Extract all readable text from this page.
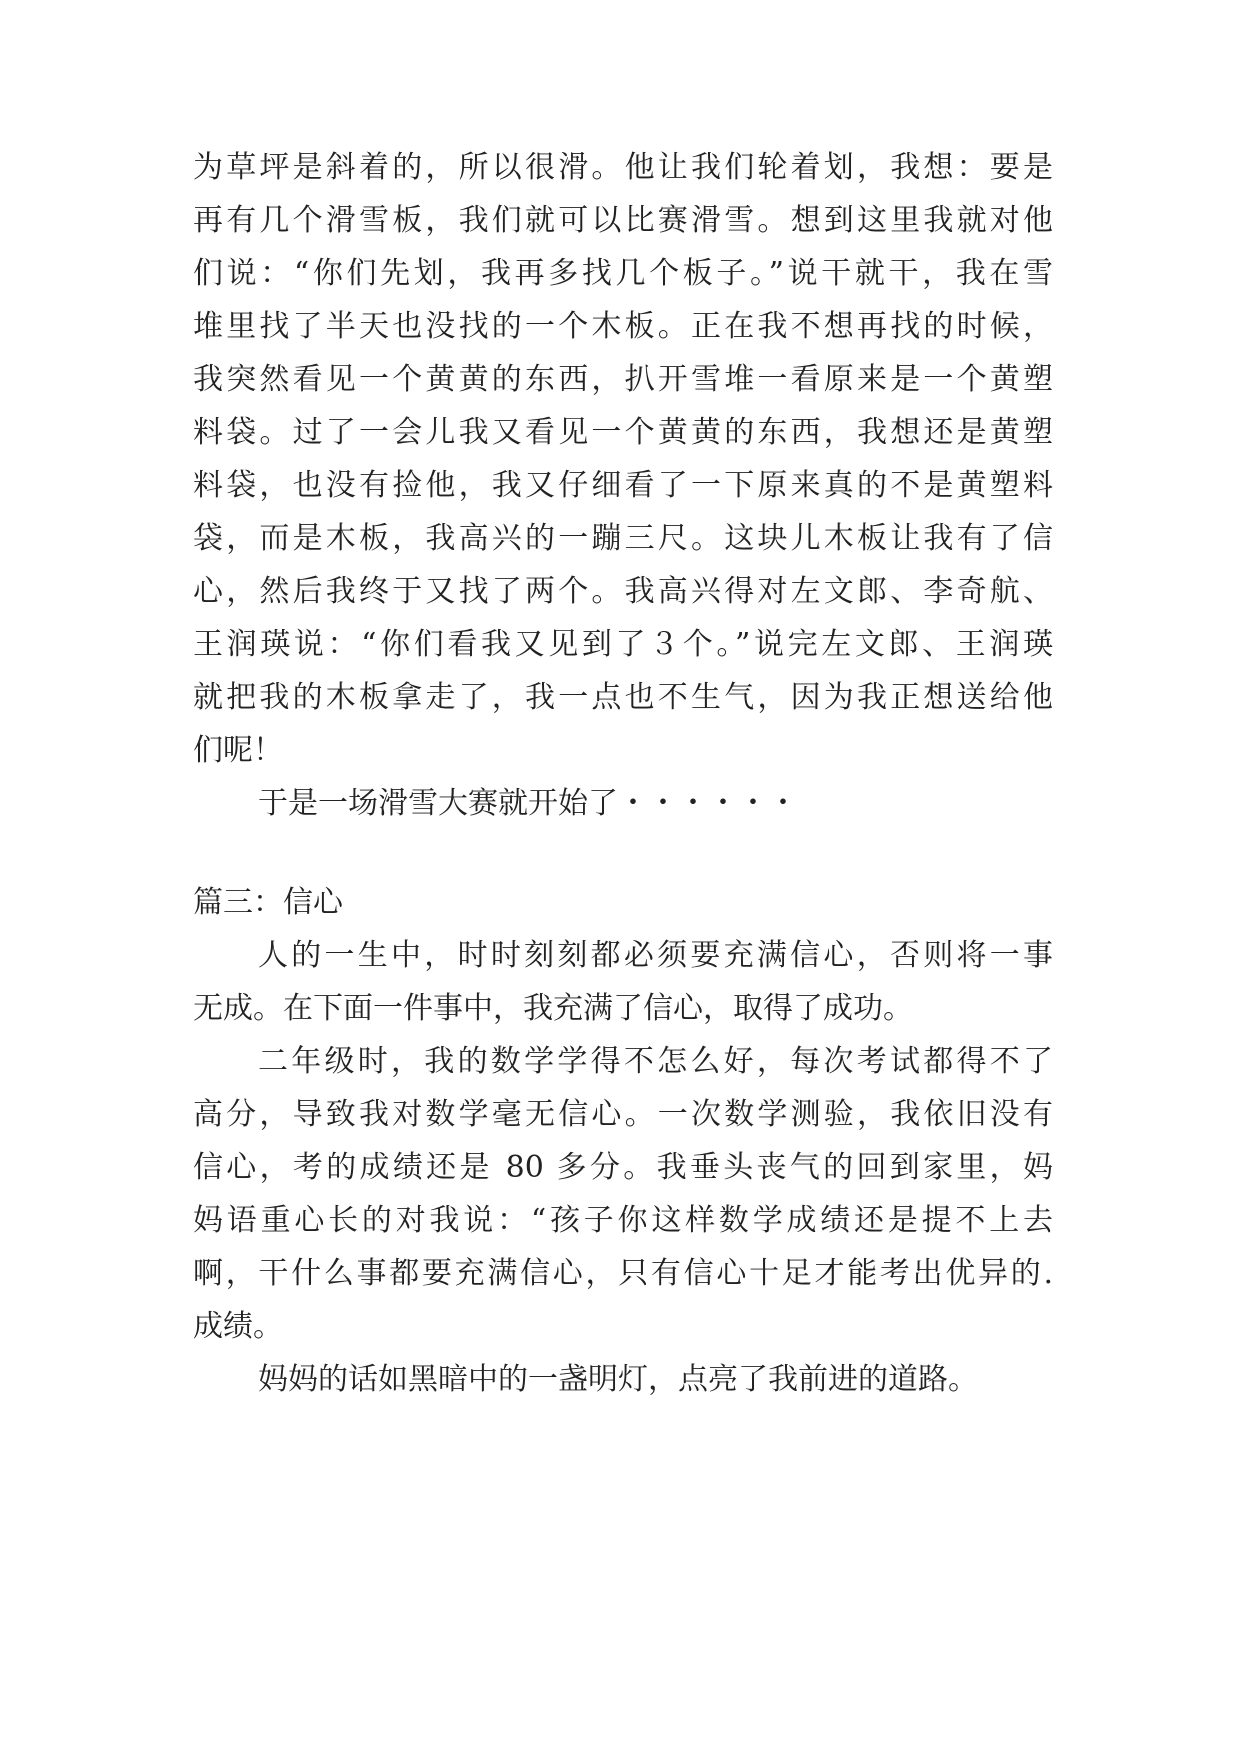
为草坪是斜着的，所以很滑。他让我们轮着划，我想：要是
再有几个滑雪板，我们就可以比赛滑雪。想到这里我就对他
们说：“你们先划，我再多找几个板子。”说干就干，我在雪
堆里找了半天也没找的一个木板。正在我不想再找的时候，
我突然看见一个黄黄的东西，扒开雪堆一看原来是一个黄塑
料袋。过了一会儿我又看见一个黄黄的东西，我想还是黄塑
料袋，也没有捡他，我又仔细看了一下原来真的不是黄塑料
袋，而是木板，我高兴的一蹦三尺。这块儿木板让我有了信
心，然后我终于又找了两个。我高兴得对左文郎、李奇航、
王润瑛说：“你们看我又见到了３个。”说完左文郎、王润瑛
就把我的木板拿走了，我一点也不生气，因为我正想送给他
们呢！
于是一场滑雪大赛就开始了・・・・・・
篇三：信心
人的一生中，时时刻刻都必须要充满信心，否则将一事
无成。在下面一件事中，我充满了信心，取得了成功。
二年级时，我的数学学得不怎么好，每次考试都得不了
高分，导致我对数学毫无信心。一次数学测验，我依旧没有
信心，考的成绩还是 80 多分。我垂头丧气的回到家里，妈
妈语重心长的对我说：“孩子你这样数学成绩还是提不上去
啊，干什么事都要充满信心，只有信心十足才能考出优异的.
成绩。
妈妈的话如黑暗中的一盏明灯，点亮了我前进的道路。
